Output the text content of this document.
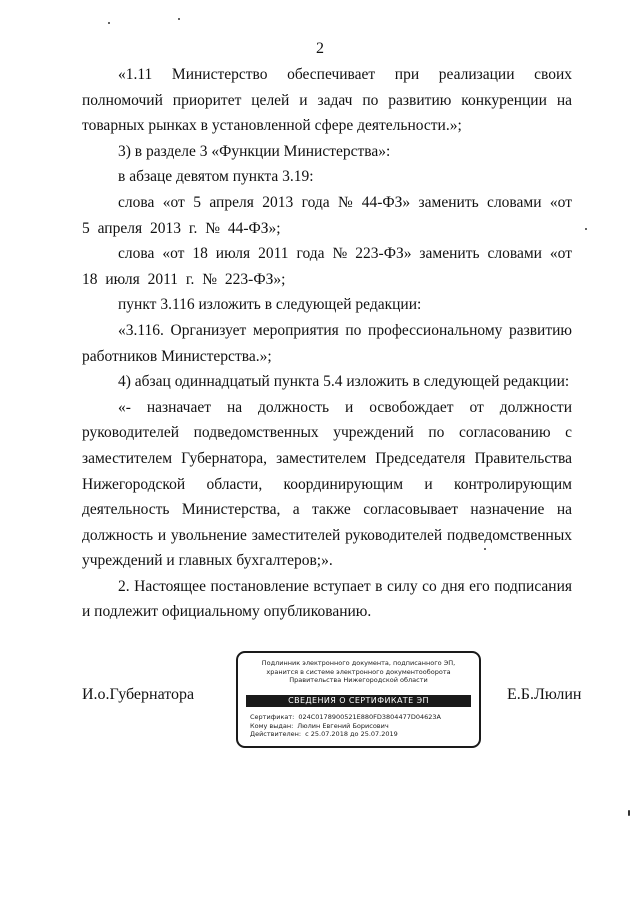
2

«1.11 Министерство обеспечивает при реализации своих полномочий приоритет целей и задач по развитию конкуренции на товарных рынках в установленной сфере деятельности.»;

3) в разделе 3 «Функции Министерства»:

в абзаце девятом пункта 3.19:

слова «от 5 апреля 2013 года № 44-ФЗ» заменить словами «от 5 апреля 2013 г. № 44-ФЗ»;

слова «от 18 июля 2011 года № 223-ФЗ» заменить словами «от 18 июля 2011 г. № 223-ФЗ»;

пункт 3.116 изложить в следующей редакции:

«3.116. Организует мероприятия по профессиональному развитию работников Министерства.»;

4) абзац одиннадцатый пункта 5.4 изложить в следующей редакции:

«- назначает на должность и освобождает от должности руководителей подведомственных учреждений по согласованию с заместителем Губернатора, заместителем Председателя Правительства Нижегородской области, координирующим и контролирующим деятельность Министерства, а также согласовывает назначение на должность и увольнение заместителей руководителей подведомственных учреждений и главных бухгалтеров;».

2. Настоящее постановление вступает в силу со дня его подписания и подлежит официальному опубликованию.

И.о.Губернатора
Подлинник электронного документа, подписанного ЭП, хранится в системе электронного документооборота Правительства Нижегородской области
СВЕДЕНИЯ О СЕРТИФИКАТЕ ЭП
Сертификат: 024C0178900521E880FD3804477D04623A
Кому выдан: Люлин Евгений Борисович
Действителен: с 25.07.2018 до 25.07.2019
Е.Б.Люлин
